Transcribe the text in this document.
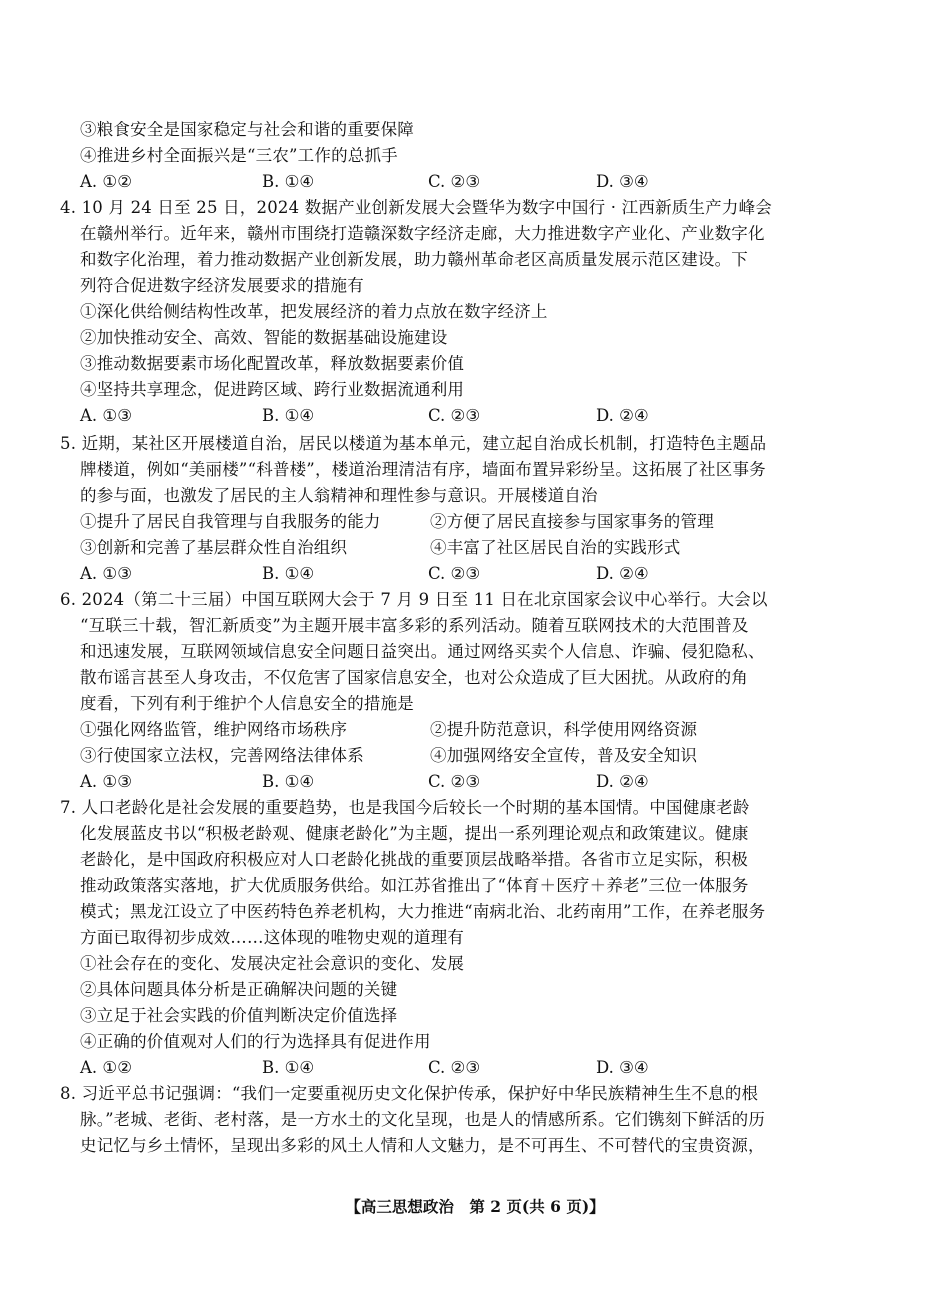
③粮食安全是国家稳定与社会和谐的重要保障
④推进乡村全面振兴是“三农”工作的总抓手
A. ①②	B. ①④	C. ②③	D. ③④
4. 10 月 24 日至 25 日，2024 数据产业创新发展大会暨华为数字中国行 · 江西新质生产力峰会
在赣州举行。近年来，赣州市围绕打造赣深数字经济走廊，大力推进数字产业化、产业数字化
和数字化治理，着力推动数据产业创新发展，助力赣州革命老区高质量发展示范区建设。下
列符合促进数字经济发展要求的措施有
①深化供给侧结构性改革，把发展经济的着力点放在数字经济上
②加快推动安全、高效、智能的数据基础设施建设
③推动数据要素市场化配置改革，释放数据要素价值
④坚持共享理念，促进跨区域、跨行业数据流通利用
A. ①③	B. ①④	C. ②③	D. ②④
5. 近期，某社区开展楼道自治，居民以楼道为基本单元，建立起自治成长机制，打造特色主题品
牌楼道，例如“美丽楼”“科普楼”，楼道治理清洁有序，墙面布置异彩纷呈。这拓展了社区事务
的参与面，也激发了居民的主人翁精神和理性参与意识。开展楼道自治
①提升了居民自我管理与自我服务的能力	②方便了居民直接参与国家事务的管理
③创新和完善了基层群众性自治组织	④丰富了社区居民自治的实践形式
A. ①③	B. ①④	C. ②③	D. ②④
6. 2024（第二十三届）中国互联网大会于 7 月 9 日至 11 日在北京国家会议中心举行。大会以
“互联三十载，智汇新质变”为主题开展丰富多彩的系列活动。随着互联网技术的大范围普及
和迅速发展，互联网领域信息安全问题日益突出。通过网络买卖个人信息、诈骗、侵犯隐私、
散布谣言甚至人身攻击，不仅危害了国家信息安全，也对公众造成了巨大困扰。从政府的角
度看，下列有利于维护个人信息安全的措施是
①强化网络监管，维护网络市场秩序	②提升防范意识，科学使用网络资源
③行使国家立法权，完善网络法律体系	④加强网络安全宣传，普及安全知识
A. ①③	B. ①④	C. ②③	D. ②④
7. 人口老龄化是社会发展的重要趋势，也是我国今后较长一个时期的基本国情。中国健康老龄
化发展蓝皮书以“积极老龄观、健康老龄化”为主题，提出一系列理论观点和政策建议。健康
老龄化，是中国政府积极应对人口老龄化挑战的重要顶层战略举措。各省市立足实际，积极
推动政策落实落地，扩大优质服务供给。如江苏省推出了“体育＋医疗＋养老”三位一体服务
模式；黑龙江设立了中医药特色养老机构，大力推进“南病北治、北药南用”工作，在养老服务
方面已取得初步成效……这体现的唯物史观的道理有
①社会存在的变化、发展决定社会意识的变化、发展
②具体问题具体分析是正确解决问题的关键
③立足于社会实践的价值判断决定价值选择
④正确的价值观对人们的行为选择具有促进作用
A. ①②	B. ①④	C. ②③	D. ③④
8. 习近平总书记强调：“我们一定要重视历史文化保护传承，保护好中华民族精神生生不息的根
脉。”老城、老街、老村落，是一方水土的文化呈现，也是人的情感所系。它们镌刻下鲜活的历
史记忆与乡土情怀，呈现出多彩的风土人情和人文魅力，是不可再生、不可替代的宝贵资源，
【高三思想政治　第 2 页(共 6 页)】
